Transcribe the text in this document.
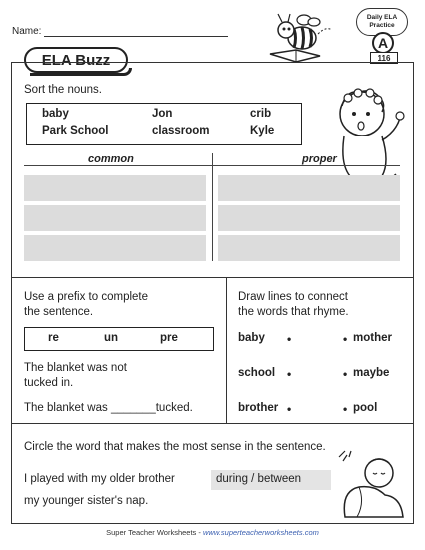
Name:
ELA Buzz
Daily ELA
Practice
A
116
Sort the nouns.
baby	Jon	crib
Park School	classroom	Kyle
common	proper
Use a prefix to complete
the sentence.
re	un	pre
The blanket was not
tucked in.
The blanket was _______tucked.
Draw lines to connect
the words that rhyme.
baby •	• mother
school •	• maybe
brother •	• pool
Circle the word that makes the most sense in the sentence.
I played with my older brother	during / between
my younger sister's nap.
Super Teacher Worksheets - www.superteacherworksheets.com
